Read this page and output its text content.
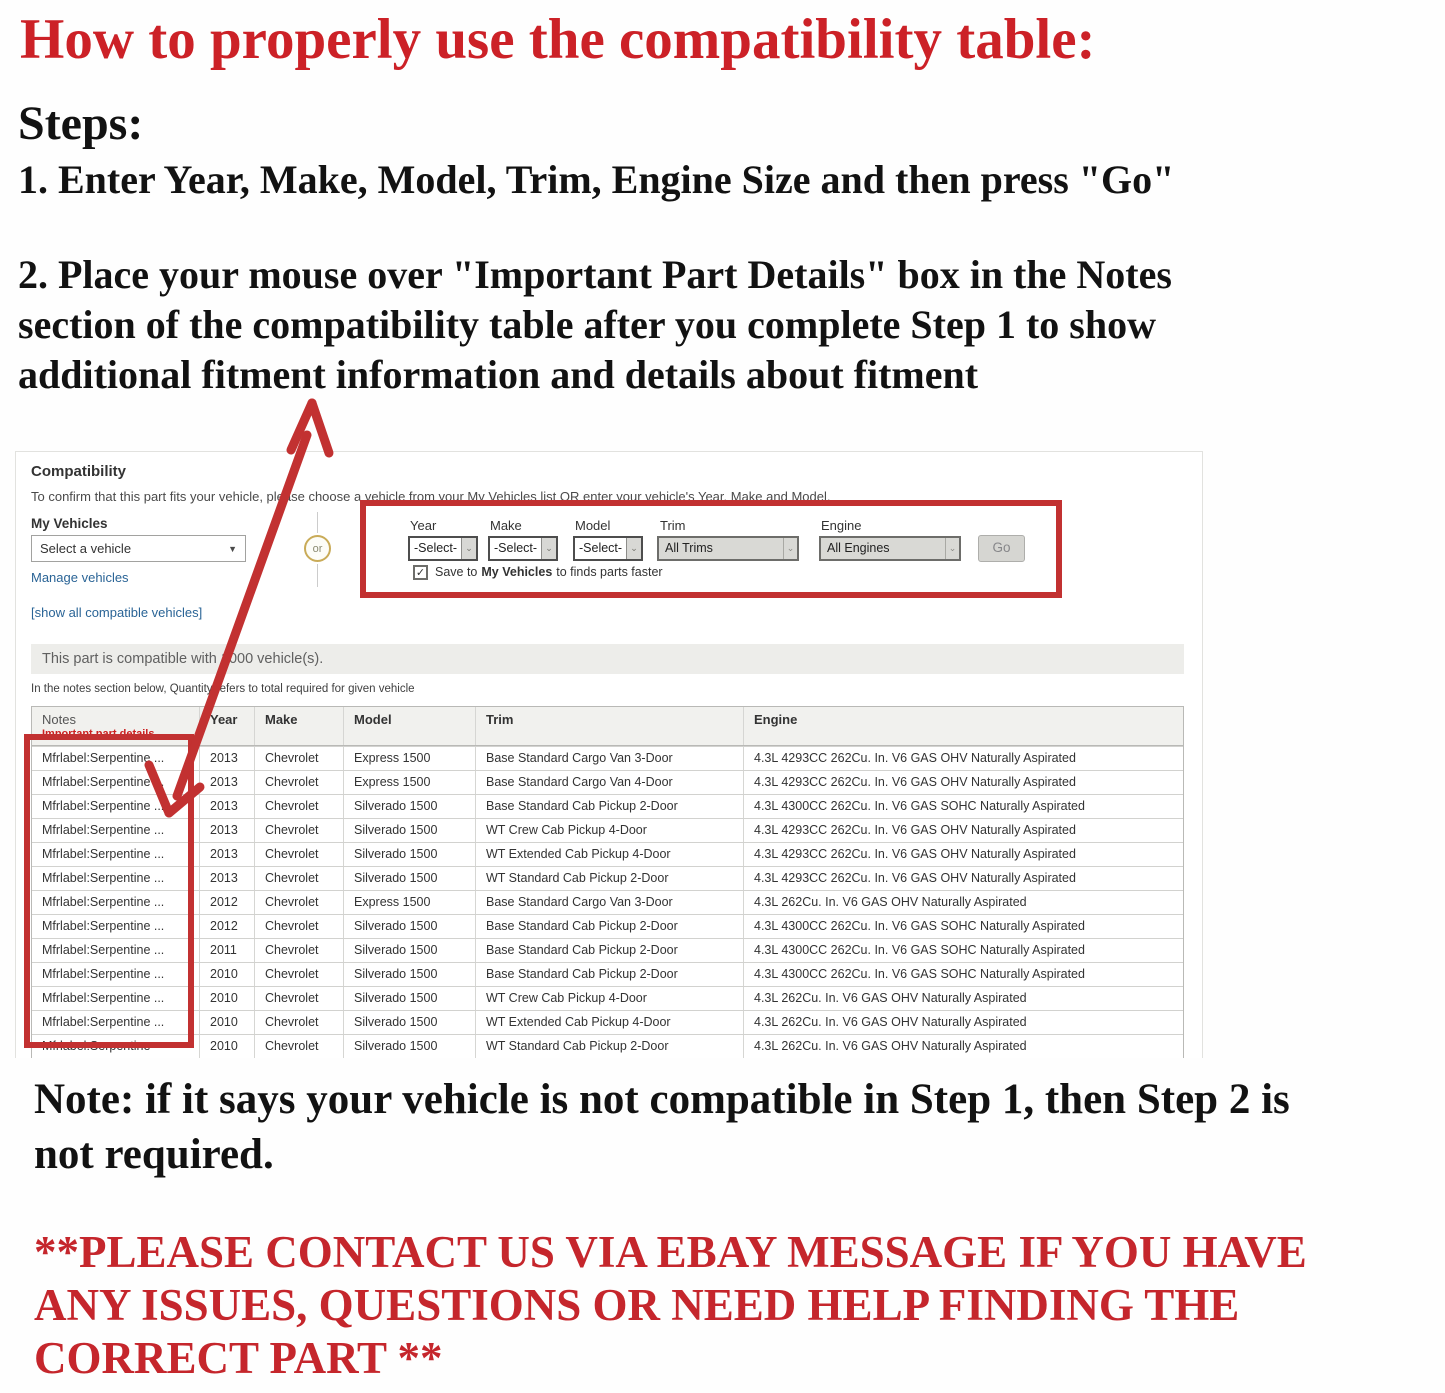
How to properly use the compatibility table:
Steps:
1. Enter Year, Make, Model, Trim, Engine Size and then press "Go"
2. Place your mouse over "Important Part Details" box in the Notes
section of the compatibility table after you complete Step 1 to show
additional fitment information and details about fitment
Compatibility
To confirm that this part fits your vehicle, please choose a vehicle from your My Vehicles list OR enter your vehicle's Year, Make and Model.
My Vehicles
Select a vehicle	▼
Manage vehicles
[show all compatible vehicles]
or
Year	Make	Model	Trim	Engine
-Select- ⌄	-Select- ⌄	-Select- ⌄	All Trims	⌄	All Engines	⌄	Go
✓ Save to My Vehicles to finds parts faster
This part is compatible with 1000 vehicle(s).
In the notes section below, Quantity refers to total required for given vehicle
Notes
Important part details
Year	Make	Model	Trim	Engine
Mfrlabel:Serpentine ...	2013	Chevrolet	Express 1500	Base Standard Cargo Van 3-Door	4.3L 4293CC 262Cu. In. V6 GAS OHV Naturally Aspirated
Mfrlabel:Serpentine ...	2013	Chevrolet	Express 1500	Base Standard Cargo Van 4-Door	4.3L 4293CC 262Cu. In. V6 GAS OHV Naturally Aspirated
Mfrlabel:Serpentine ...	2013	Chevrolet	Silverado 1500	Base Standard Cab Pickup 2-Door	4.3L 4300CC 262Cu. In. V6 GAS SOHC Naturally Aspirated
Mfrlabel:Serpentine ...	2013	Chevrolet	Silverado 1500	WT Crew Cab Pickup 4-Door	4.3L 4293CC 262Cu. In. V6 GAS OHV Naturally Aspirated
Mfrlabel:Serpentine ...	2013	Chevrolet	Silverado 1500	WT Extended Cab Pickup 4-Door	4.3L 4293CC 262Cu. In. V6 GAS OHV Naturally Aspirated
Mfrlabel:Serpentine ...	2013	Chevrolet	Silverado 1500	WT Standard Cab Pickup 2-Door	4.3L 4293CC 262Cu. In. V6 GAS OHV Naturally Aspirated
Mfrlabel:Serpentine ...	2012	Chevrolet	Express 1500	Base Standard Cargo Van 3-Door	4.3L 262Cu. In. V6 GAS OHV Naturally Aspirated
Mfrlabel:Serpentine ...	2012	Chevrolet	Silverado 1500	Base Standard Cab Pickup 2-Door	4.3L 4300CC 262Cu. In. V6 GAS SOHC Naturally Aspirated
Mfrlabel:Serpentine ...	2011	Chevrolet	Silverado 1500	Base Standard Cab Pickup 2-Door	4.3L 4300CC 262Cu. In. V6 GAS SOHC Naturally Aspirated
Mfrlabel:Serpentine ...	2010	Chevrolet	Silverado 1500	Base Standard Cab Pickup 2-Door	4.3L 4300CC 262Cu. In. V6 GAS SOHC Naturally Aspirated
Mfrlabel:Serpentine ...	2010	Chevrolet	Silverado 1500	WT Crew Cab Pickup 4-Door	4.3L 262Cu. In. V6 GAS OHV Naturally Aspirated
Mfrlabel:Serpentine ...	2010	Chevrolet	Silverado 1500	WT Extended Cab Pickup 4-Door	4.3L 262Cu. In. V6 GAS OHV Naturally Aspirated
Mfrlabel:Serpentine	2010	Chevrolet	Silverado 1500	WT Standard Cab Pickup 2-Door	4.3L 262Cu. In. V6 GAS OHV Naturally Aspirated
Note: if it says your vehicle is not compatible in Step 1, then Step 2 is
not required.
**PLEASE CONTACT US VIA EBAY MESSAGE IF YOU HAVE
ANY ISSUES, QUESTIONS OR NEED HELP FINDING THE
CORRECT PART **
